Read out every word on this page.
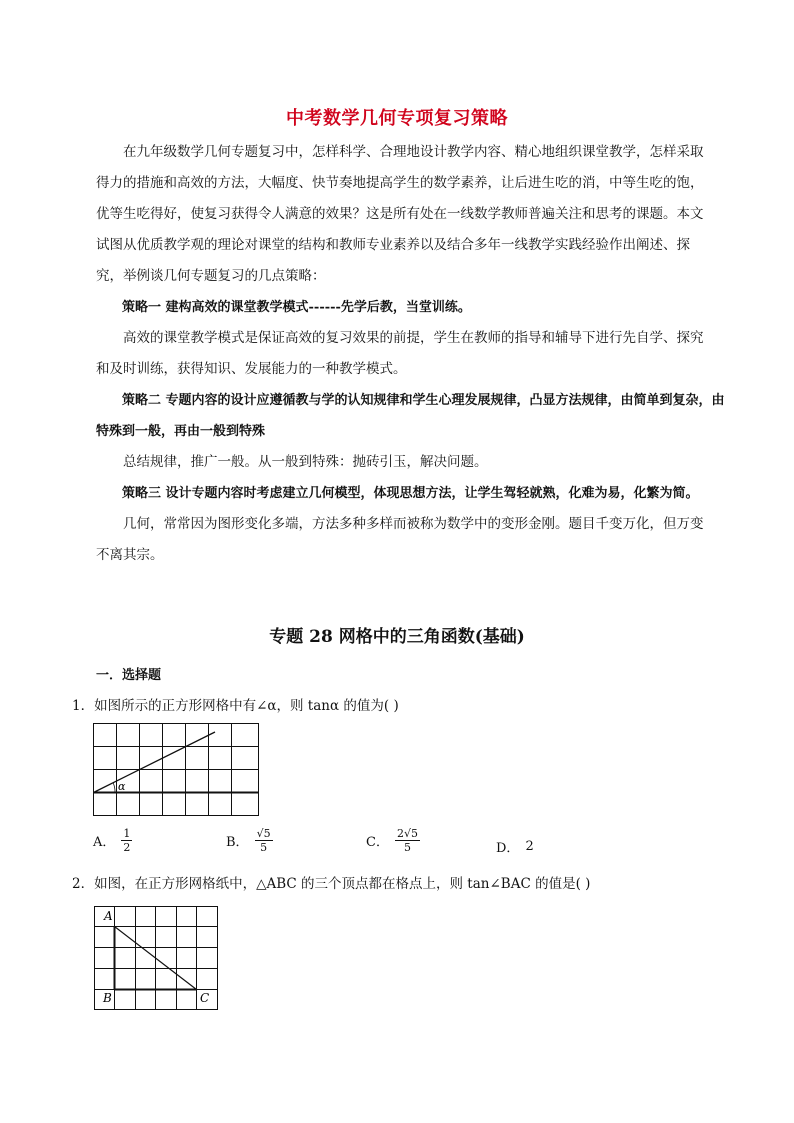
中考数学几何专项复习策略

在九年级数学几何专题复习中，怎样科学、合理地设计教学内容、精心地组织课堂教学，怎样采取得力的措施和高效的方法，大幅度、快节奏地提高学生的数学素养，让后进生吃的消，中等生吃的饱，优等生吃得好，使复习获得令人满意的效果？这是所有处在一线数学教师普遍关注和思考的课题。本文试图从优质教学观的理论对课堂的结构和教师专业素养以及结合多年一线教学实践经验作出阐述、探究，举例谈几何专题复习的几点策略：

策略一 建构高效的课堂教学模式------先学后教，当堂训练。

高效的课堂教学模式是保证高效的复习效果的前提，学生在教师的指导和辅导下进行先自学、探究和及时训练，获得知识、发展能力的一种教学模式。

策略二 专题内容的设计应遵循教与学的认知规律和学生心理发展规律，凸显方法规律，由简单到复杂，由特殊到一般，再由一般到特殊

总结规律，推广一般。从一般到特殊：抛砖引玉，解决问题。

策略三 设计专题内容时考虑建立几何模型，体现思想方法，让学生驾轻就熟，化难为易，化繁为简。

几何，常常因为图形变化多端，方法多种多样而被称为数学中的变形金刚。题目千变万化，但万变不离其宗。

专题 28 网格中的三角函数(基础)
一．选择题
1．如图所示的正方形网格中有∠α，则 tanα 的值为( )
α
A． $\frac{1}{2}$	B． $\frac{√5}{5}$	C． $\frac{2√5}{5}$	D． 2
2．如图，在正方形网格纸中，△ABC 的三个顶点都在格点上，则 tan∠BAC 的值是( )
A
B	C
